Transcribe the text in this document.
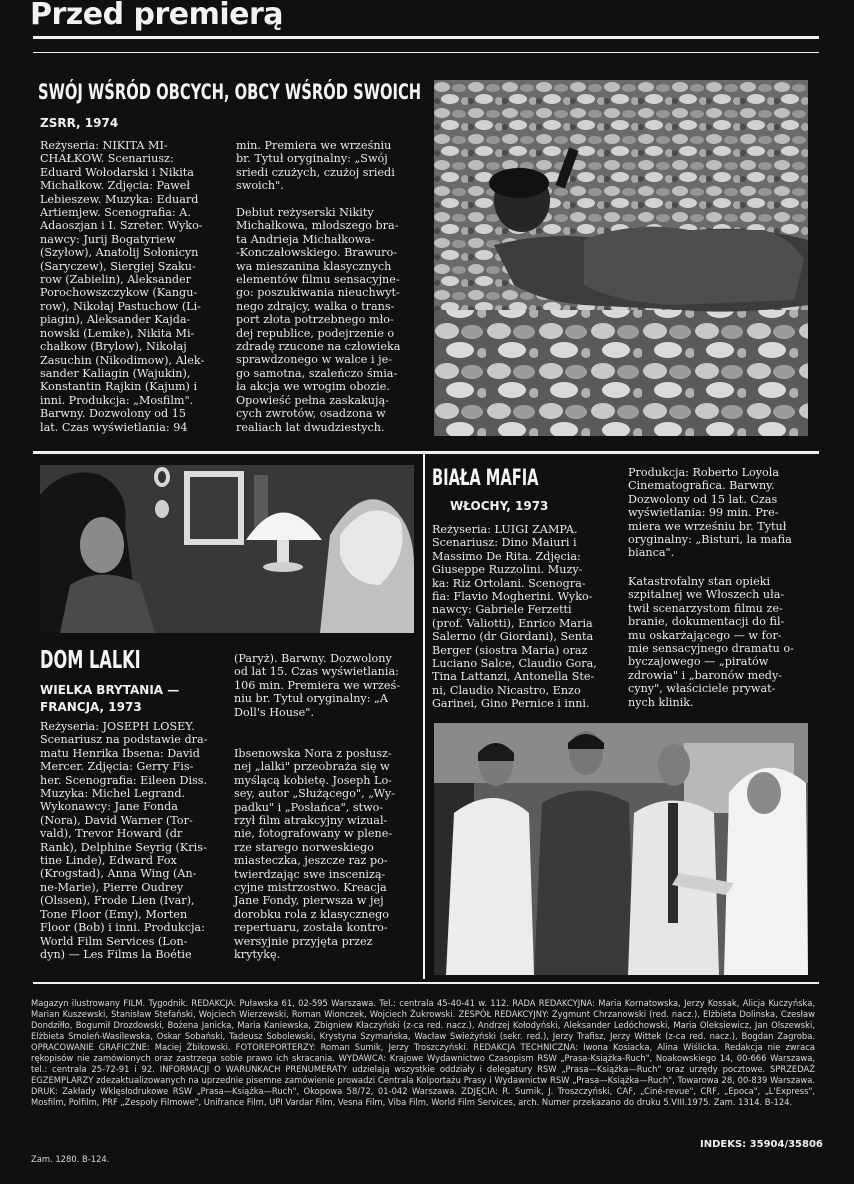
Przed premierą
SWÓJ WŚRÓD OBCYCH, OBCY WŚRÓD SWOICH
ZSRR, 1974
Reżyseria: NIKITA MI-
CHAŁKOW. Scenariusz:
Eduard Wołodarski i Nikita
Michałkow. Zdjęcia: Paweł
Lebieszew. Muzyka: Eduard
Artiemjew. Scenografia: A.
Adaoszjan i I. Szreter. Wyko-
nawcy: Jurij Bogatyriew
(Szyłow), Anatolij Sołonicyn
(Saryczew), Siergiej Szaku-
row (Zabielin), Aleksander
Porochowszczykow (Kangu-
row), Nikołaj Pastuchow (Li-
piagin), Aleksander Kajda-
nowski (Lemke), Nikita Mi-
chałkow (Brylow), Nikołaj
Zasuchin (Nikodimow), Alek-
sander Kaliagin (Wajukin),
Konstantin Rajkin (Kajum) i
inni. Produkcja: „Mosfilm".
Barwny. Dozwolony od 15
lat. Czas wyświetlania: 94
min. Premiera we wrześniu
br. Tytuł oryginalny: „Swój
sriedi czużych, czużoj sriedi
swoich".
Debiut reżyserski Nikity
Michałkowa, młodszego bra-
ta Andrieja Michałkowa-
-Konczałowskiego. Brawuro-
wa mieszanina klasycznych
elementów filmu sensacyjne-
go: poszukiwania nieuchwyt-
nego zdrajcy, walka o trans-
port złota potrzebnego mło-
dej republice, podejrzenie o
zdradę rzucone na człowieka
sprawdzonego w walce i je-
go samotna, szaleńczo śmia-
ła akcja we wrogim obozie.
Opowieść pełna zaskakują-
cych zwrotów, osadzona w
realiach lat dwudziestych.
DOM LALKI
WIELKA BRYTANIA —
FRANCJA, 1973
Reżyseria: JOSEPH LOSEY.
Scenariusz na podstawie dra-
matu Henrika Ibsena: David
Mercer. Zdjęcia: Gerry Fis-
her. Scenografia: Eileen Diss.
Muzyka: Michel Legrand.
Wykonawcy: Jane Fonda
(Nora), David Warner (Tor-
vald), Trevor Howard (dr
Rank), Delphine Seyrig (Kris-
tine Linde), Edward Fox
(Krogstad), Anna Wing (An-
ne-Marie), Pierre Oudrey
(Olssen), Frode Lien (Ivar),
Tone Floor (Emy), Morten
Floor (Bob) i inni. Produkcja:
World Film Services (Lon-
dyn) — Les Films la Boétie
(Paryż). Barwny. Dozwolony
od lat 15. Czas wyświetlania:
106 min. Premiera we wrześ-
niu br. Tytuł oryginalny: „A
Doll's House".
Ibsenowska Nora z posłusz-
nej „lalki" przeobraża się w
myślącą kobietę. Joseph Lo-
sey, autor „Służącego", „Wy-
padku" i „Posłańca", stwo-
rzył film atrakcyjny wizual-
nie, fotografowany w plene-
rze starego norweskiego
miasteczka, jeszcze raz po-
twierdzając swe inscenizą-
cyjne mistrzostwo. Kreacja
Jane Fondy, pierwsza w jej
dorobku rola z klasycznego
repertuaru, została kontro-
wersyjnie przyjęta przez
krytykę.
BIAŁA MAFIA
WŁOCHY, 1973
Reżyseria: LUIGI ZAMPA.
Scenariusz: Dino Maiuri i
Massimo De Rita. Zdjęcia:
Giuseppe Ruzzolini. Muzy-
ka: Riz Ortolani. Scenogra-
fia: Flavio Mogherini. Wyko-
nawcy: Gabriele Ferzetti
(prof. Valiotti), Enrico Maria
Salerno (dr Giordani), Senta
Berger (siostra Maria) oraz
Luciano Salce, Claudio Gora,
Tina Lattanzi, Antonella Ste-
ni, Claudio Nicastro, Enzo
Garinei, Gino Pernice i inni.
Produkcja: Roberto Loyola
Cinematografica. Barwny.
Dozwolony od 15 lat. Czas
wyświetlania: 99 min. Pre-
miera we wrześniu br. Tytuł
oryginalny: „Bisturi, la mafia
bianca".
Katastrofalny stan opieki
szpitalnej we Włoszech uła-
twił scenarzystom filmu ze-
branie, dokumentacji do fil-
mu oskarżającego — w for-
mie sensacyjnego dramatu o-
byczajowego — „piratów
zdrowia" i „baronów medy-
cyny", właściciele prywat-
nych klinik.
Magazyn ilustrowany FILM. Tygodnik. REDAKCJA: Puławska 61, 02-595 Warszawa. Tel.: centrala 45-40-41 w. 112. RADA REDAKCYJNA: Maria Kornatowska, Jerzy Kossak, Alicja Kuczyńska, Marian Kuszewski, Stanisław Stefański, Wojciech Wierzewski, Roman Wionczek, Wojciech Żukrowski. ZESPÓŁ REDAKCYJNY: Zygmunt Chrzanowski (red. nacz.), Elżbieta Dolinska, Czesław Dondziłło, Bogumił Drozdowski, Bożena Janicka, Maria Kaniewska, Zbigniew Kłaczyński (z-ca red. nacz.), Andrzej Kołodyński, Aleksander Ledóchowski, Maria Oleksiewicz, Jan Olszewski, Elżbieta Smoleń-Wasilewska, Oskar Sobański, Tadeusz Sobolewski, Krystyna Szymańska, Wacław Swieżyński (sekr. red.), Jerzy Trafisz, Jerzy Wittek (z-ca red. nacz.), Bogdan Zagroba. OPRACOWANIE GRAFICZNE: Maciej Żbikowski. FOTOREPORTERZY: Roman Sumik, Jerzy Troszczyński. REDAKCJA TECHNICZNA: Iwona Kosiacka, Alina Wiślicka. Redakcja nie zwraca rękopisów nie zamówionych oraz zastrzega sobie prawo ich skracania. WYDAWCA: Krajowe Wydawnictwo Czasopism RSW „Prasa-Książka-Ruch", Noakowskiego 14, 00-666 Warszawa, tel.: centrala 25-72-91 i 92. INFORMACJI O WARUNKACH PRENUMERATY udzielają wszystkie oddziały i delegatury RSW „Prasa—Książka—Ruch" oraz urzędy pocztowe. SPRZEDAŻ EGZEMPLARZY zdezaktualizowanych na uprzednie pisemne zamówienie prowadzi Centrala Kolportażu Prasy i Wydawnictw RSW „Prasa—Książka—Ruch", Towarowa 28, 00-839 Warszawa. DRUK: Zakłady Wklęsłodrukowe RSW „Prasa—Książka—Ruch", Okopowa 58/72, 01-042 Warszawa. ZDJĘCIA: R. Sumik, J. Troszczyński, CAF, „Ciné-revue", CRF, „Epoca", „L'Express", Mosfilm, Polfilm, PRF „Zespoły Filmowe", Unifrance Film, UPI Vardar Film, Vesna Film, Viba Film, World Film Services, arch. Numer przekazano do druku 5.VIII.1975. Zam. 1314. B-124.
Zam. 1280. B-124.
INDEKS: 35904/35806
